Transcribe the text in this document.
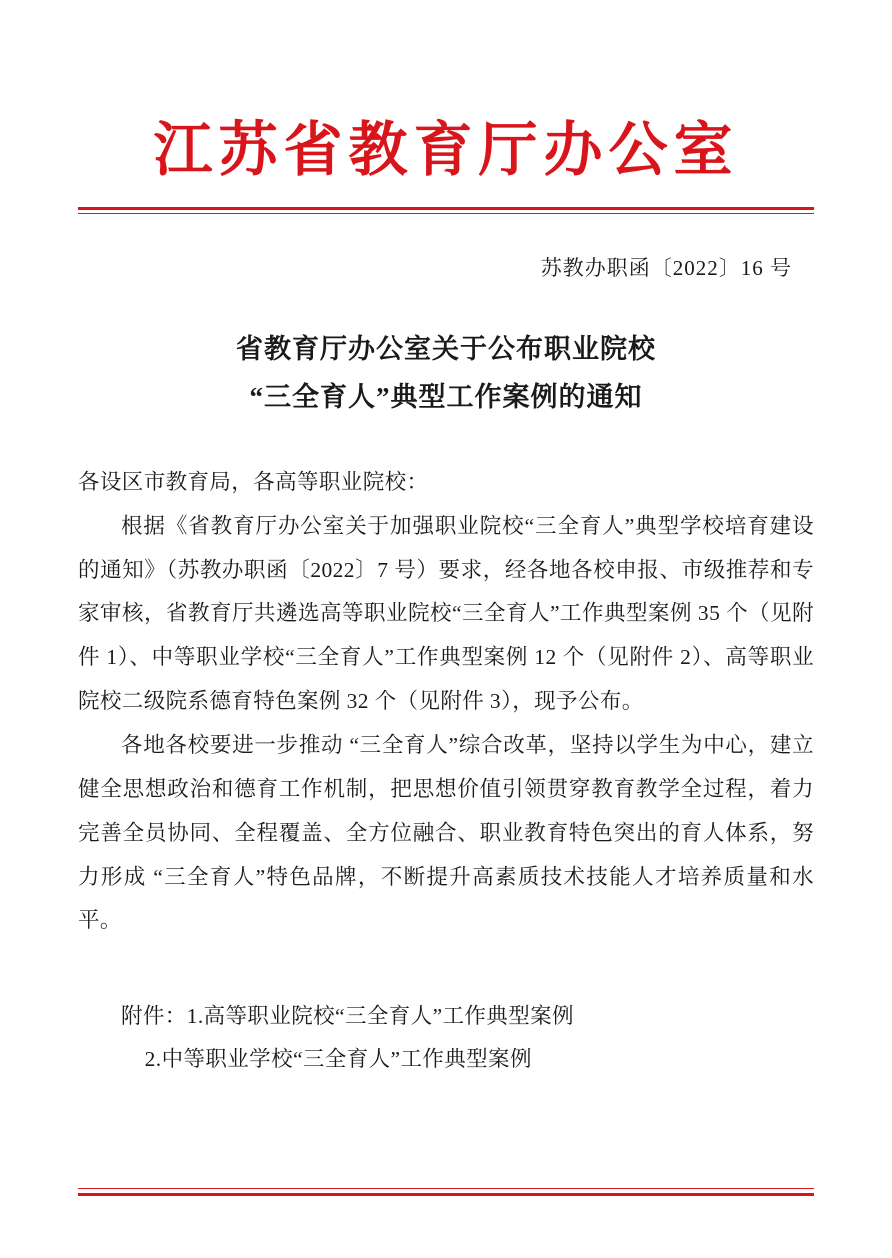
江苏省教育厅办公室
苏教办职函〔2022〕16 号
省教育厅办公室关于公布职业院校
“三全育人”典型工作案例的通知

各设区市教育局，各高等职业院校：

根据《省教育厅办公室关于加强职业院校“三全育人”典型学校培育建设的通知》（苏教办职函〔2022〕7 号）要求，经各地各校申报、市级推荐和专家审核，省教育厅共遴选高等职业院校“三全育人”工作典型案例 35 个（见附件 1）、中等职业学校“三全育人”工作典型案例 12 个（见附件 2）、高等职业院校二级院系德育特色案例 32 个（见附件 3），现予公布。

各地各校要进一步推动 “三全育人”综合改革，坚持以学生为中心，建立健全思想政治和德育工作机制，把思想价值引领贯穿教育教学全过程，着力完善全员协同、全程覆盖、全方位融合、职业教育特色突出的育人体系，努力形成 “三全育人”特色品牌，不断提升高素质技术技能人才培养质量和水平。

附件：1.高等职业院校“三全育人”工作典型案例

2.中等职业学校“三全育人”工作典型案例
